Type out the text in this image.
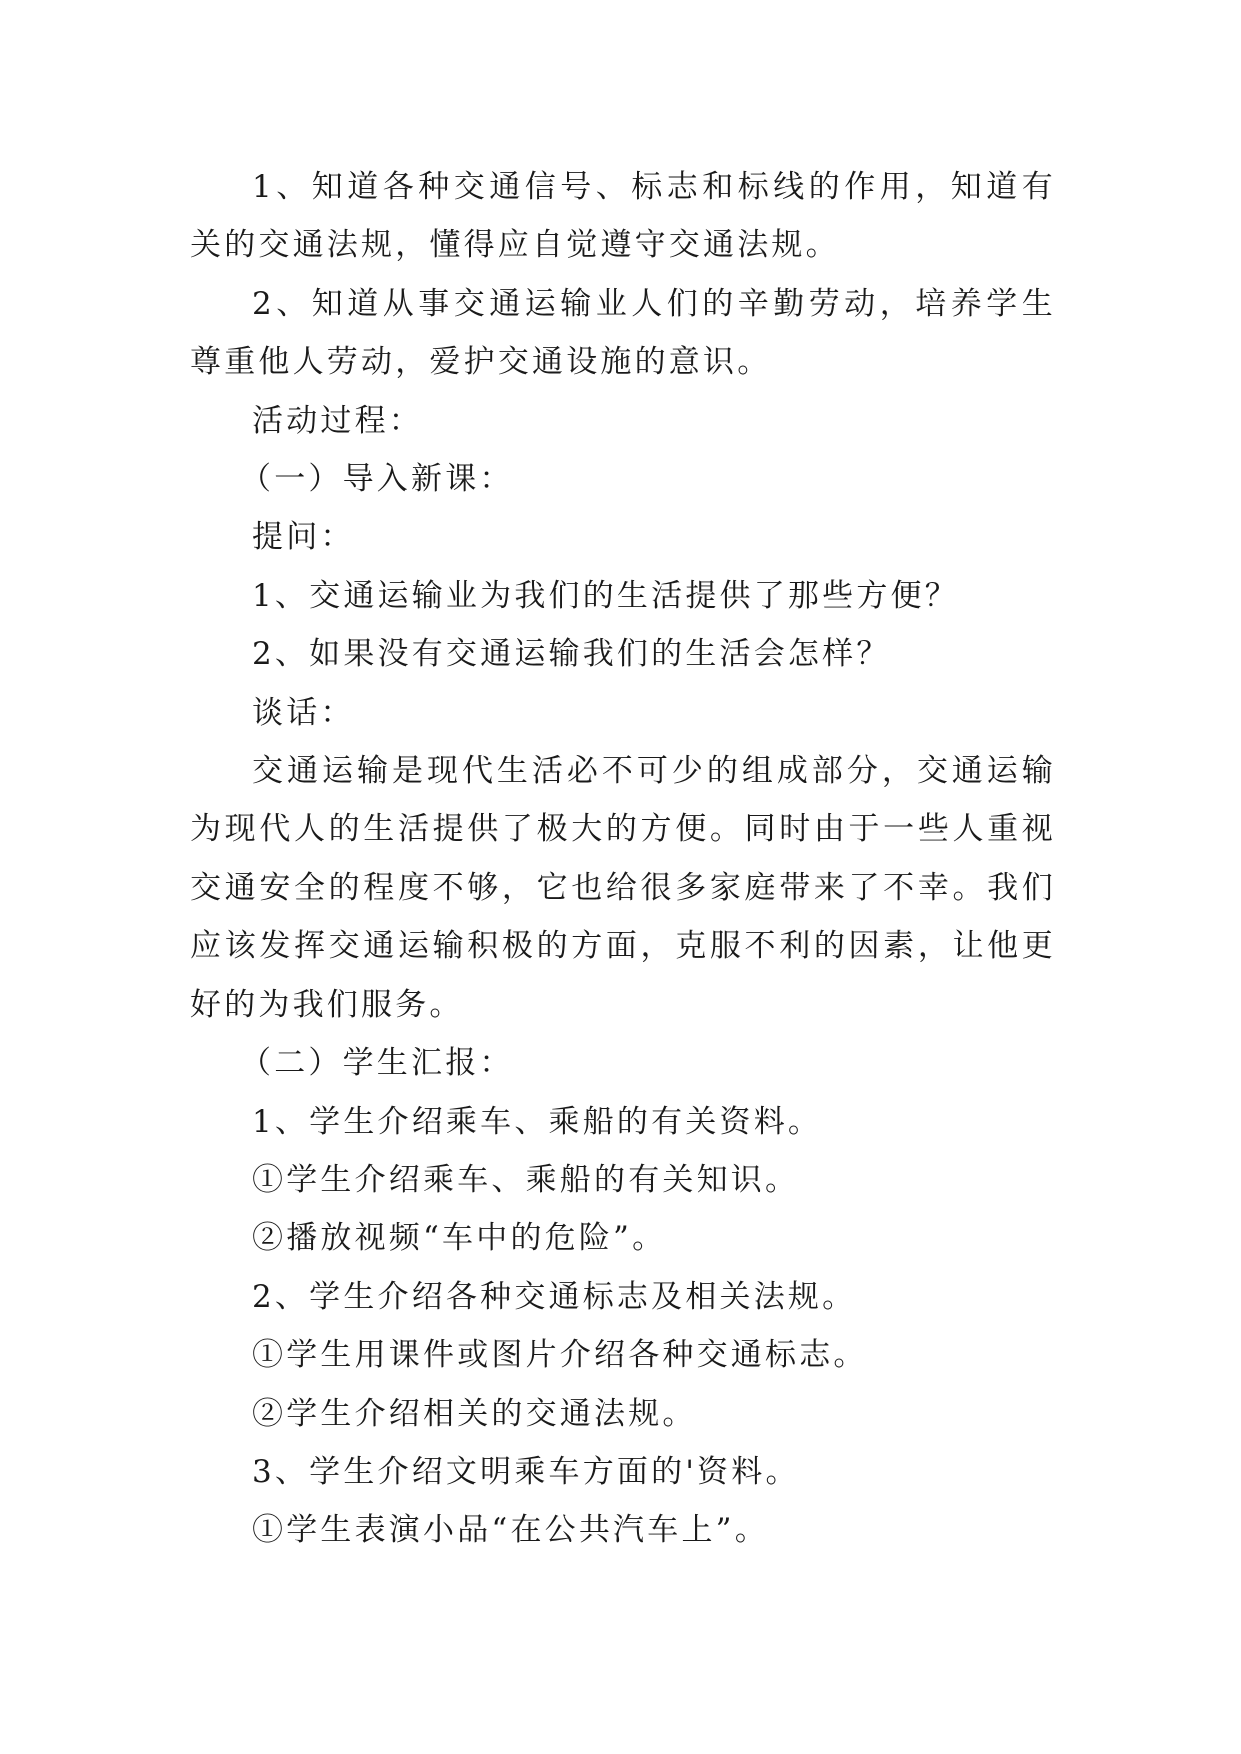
1、知道各种交通信号、标志和标线的作用，知道有关的交通法规，懂得应自觉遵守交通法规。

2、知道从事交通运输业人们的辛勤劳动，培养学生尊重他人劳动，爱护交通设施的意识。

活动过程：

（一）导入新课：

提问：

1、交通运输业为我们的生活提供了那些方便？

2、如果没有交通运输我们的生活会怎样？

谈话：

交通运输是现代生活必不可少的组成部分，交通运输为现代人的生活提供了极大的方便。同时由于一些人重视交通安全的程度不够，它也给很多家庭带来了不幸。我们应该发挥交通运输积极的方面，克服不利的因素，让他更好的为我们服务。

（二）学生汇报：

1、学生介绍乘车、乘船的有关资料。

①学生介绍乘车、乘船的有关知识。

②播放视频“车中的危险”。

2、学生介绍各种交通标志及相关法规。

①学生用课件或图片介绍各种交通标志。

②学生介绍相关的交通法规。

3、学生介绍文明乘车方面的'资料。

①学生表演小品“在公共汽车上”。
